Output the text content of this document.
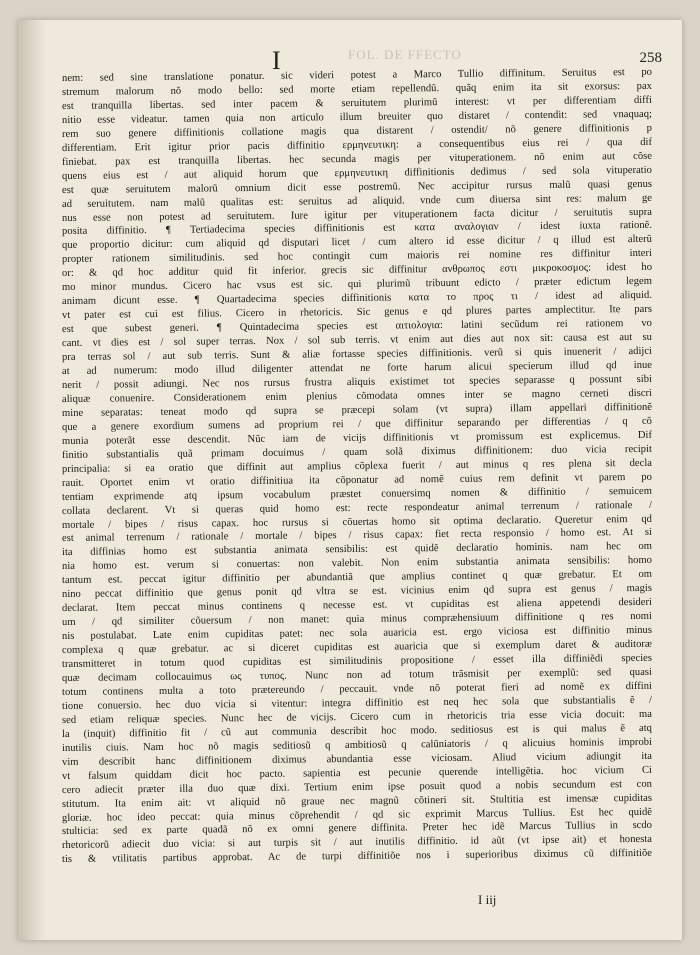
I	FOL. DE FFECTO	258
nem: sed sine translatione ponatur. sic videri potest a Marco Tullio diffinitum. Seruitus est po
stremum malorum nõ modo bello: sed morte etiam repellendũ. quãq enim ita sit exorsus: pax
est tranquilla libertas. sed inter pacem & seruitutem plurimũ interest: vt per differentiam diffi
nitio esse videatur. tamen quia non articulo illum breuiter quo distaret / contendit: sed vnaquaq;
rem suo genere diffinitionis collatione magis qua distarent / ostendit/ nõ genere diffinitionis p
differentiam. Erit igitur prior pacis diffinitio ερμηνευτικη: a consequentibus eius rei / qua dif
finiebat. pax est tranquilla libertas. hec secunda magis per vituperationem. nõ enim aut cõse
quens eius est / aut aliquid horum que ερμηνευτικη diffinitionis dedimus / sed sola vituperatio
est quæ seruitutem malorũ omnium dicit esse postremũ. Nec accipitur rursus malũ quasi genus
ad seruitutem. nam malũ qualitas est: seruitus ad aliquid. vnde cum diuersa sint res: malum ge
nus esse non potest ad seruitutem. Iure igitur per vituperationem facta dicitur / seruitutis supra
posita diffinitio. ¶ Tertiadecima species diffinitionis est κατα αναλογιαν / idest iuxta rationẽ.
que proportio dicitur: cum aliquid qd disputari licet / cum altero id esse dicitur / q illud est alterũ
propter rationem similitudinis. sed hoc contingit cum maioris rei nomine res diffinitur interi
or: & qd hoc additur quid fit inferior. grecis sic diffinitur ανθρωπος εστι μικροκοσμος: idest ho
mo minor mundus. Cicero hac vsus est sic. qui plurimũ tribuunt edicto / præter edictum legem
animam dicunt esse. ¶ Quartadecima species diffinitionis κατα το προς τι / idest ad aliquid.
vt pater est cui est filius. Cicero in rhetoricis. Sic genus e qd plures partes amplectitur. Ite pars
est que subest generi. ¶ Quintadecima species est αιτιολογια: latini secũdum rei rationem vo
cant. vt dies est / sol super terras. Nox / sol sub terris. vt enim aut dies aut nox sit: causa est aut su
pra terras sol / aut sub terris. Sunt & aliæ fortasse species diffinitionis. verũ si quis inuenerit / adijci
at ad numerum: modo illud diligenter attendat ne forte harum alicui specierum illud qd inue
nerit / possit adiungi. Nec nos rursus frustra aliquis existimet tot species separasse q possunt sibi
aliquæ conuenire. Considerationem enim plenius cõmodata omnes inter se magno cerneti discri
mine separatas: teneat modo qd supra se præcepi solam (vt supra) illam appellari diffinitionẽ
que a genere exordium sumens ad proprium rei / que diffinitur separando per differentias / q cõ
munia poterãt esse descendit. Nũc iam de vicijs diffinitionis vt promissum est explicemus. Dif
finitio substantialis quã primam docuimus / quam solã diximus diffinitionem: duo vicia recipit
principalia: si ea oratio que diffinit aut amplius cõplexa fuerit / aut minus q res plena sit decla
rauit. Oportet enim vt oratio diffinitiua ita cõponatur ad nomẽ cuius rem definit vt parem po
tentiam exprimende atq ipsum vocabulum præstet conuersimq nomen & diffinitio / semuicem
collata declarent. Vt si queras quid homo est: recte respondeatur animal terrenum / rationale /
mortale / bipes / risus capax. hoc rursus si cõuertas homo sit optima declaratio. Queretur enim qd
est animal terrenum / rationale / mortale / bipes / risus capax: fiet recta responsio / homo est. At si
ita diffinias homo est substantia animata sensibilis: est quidẽ declaratio hominis. nam hec om
nia homo est. verum si conuertas: non valebit. Non enim substantia animata sensibilis: homo
tantum est. peccat igitur diffinitio per abundantiã que amplius continet q quæ grebatur. Et om
nino peccat diffinitio que genus ponit qd vltra se est. vicinius enim qd supra est genus / magis
declarat. Item peccat minus continens q necesse est. vt cupiditas est aliena appetendi desideri
um / qd similiter cõuersum / non manet: quia minus compræhensiuum diffinitione q res nomi
nis postulabat. Late enim cupiditas patet: nec sola auaricia est. ergo viciosa est diffinitio minus
complexa q quæ grebatur. ac si diceret cupiditas est auaricia que si exemplum daret & auditoræ
transmitteret in totum quod cupiditas est similitudinis propositione / esset illa diffiniẽdi species
quæ decimam collocauimus ως τυπος. Nunc non ad totum trãsmisit per exemplũ: sed quasi
totum continens multa a toto prætereundo / peccauit. vnde nõ poterat fieri ad nomẽ ex diffini
tione conuersio. hec duo vicia si vitentur: integra diffinitio est neq hec sola que substantialis ẽ /
sed etiam reliquæ species. Nunc hec de vicijs. Cicero cum in rhetoricis tria esse vicia docuit: ma
la (inquit) diffinitio fit / cũ aut communia describit hoc modo. seditiosus est is qui malus ẽ atq
inutilis ciuis. Nam hoc nõ magis seditiosũ q ambitiosũ q calũniatoris / q alicuius hominis improbi
vim describit hanc diffinitionem diximus abundantia esse viciosam. Aliud vicium adiungit ita
vt falsum quiddam dicit hoc pacto. sapientia est pecunie querende intelligẽtia. hoc vicium Ci
cero adiecit præter illa duo quæ dixi. Tertium enim ipse posuit quod a nobis secundum est con
stitutum. Ita enim ait: vt aliquid nõ graue nec magnũ cõtineri sit. Stultitia est imensæ cupiditas
gloriæ. hoc ideo peccat: quia minus cõprehendit / qd sic exprimit Marcus Tullius. Est hec quidẽ
stulticia: sed ex parte quadã nõ ex omni genere diffinita. Preter hec idẽ Marcus Tullius in scdo
rhetoricorũ adiecit duo vicia: si aut turpis sit / aut inutilis diffinitio. id aũt (vt ipse ait) et honesta
tis & vtilitatis partibus approbat. Ac de turpi diffinitiõe nos i superioribus diximus cũ diffinitiõe
I iij
